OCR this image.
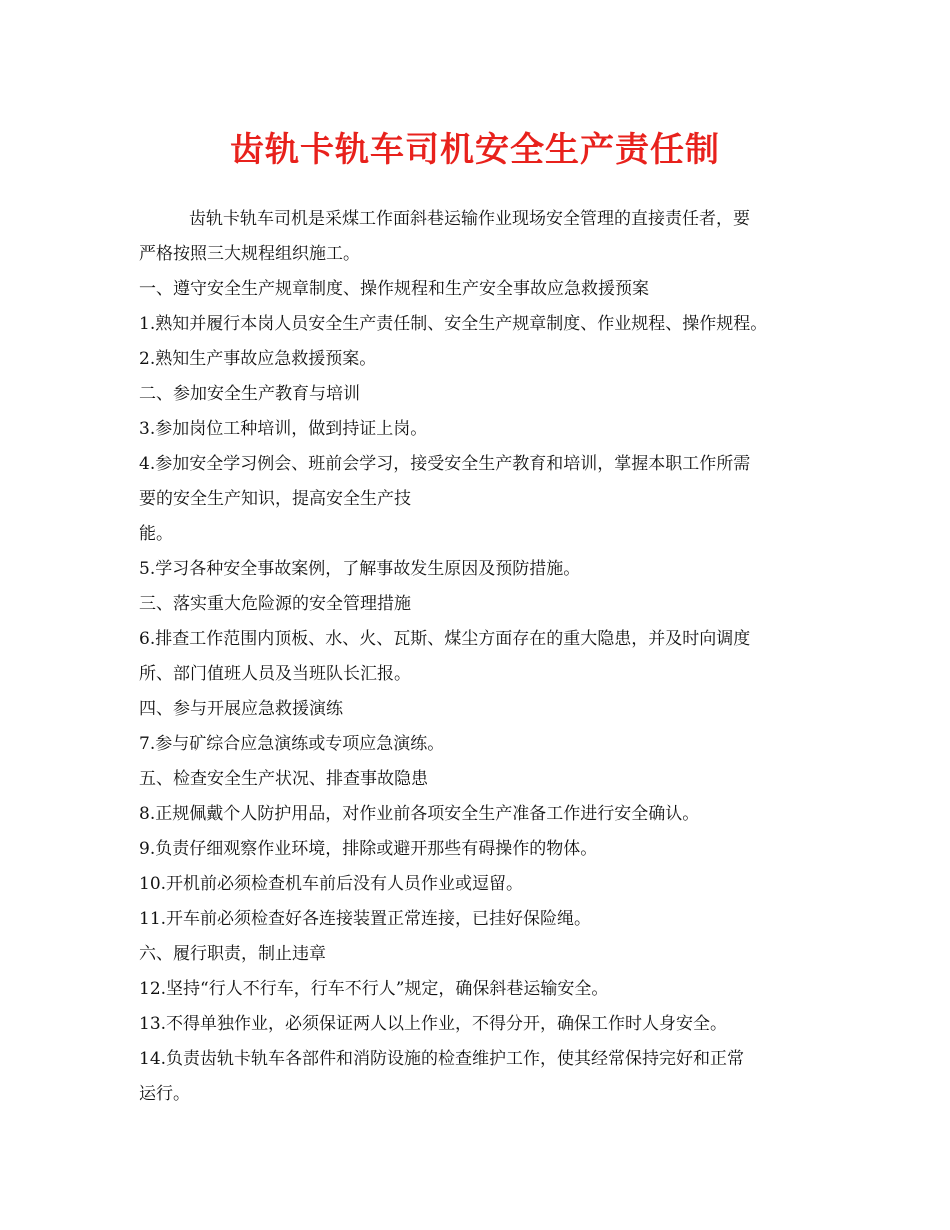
齿轨卡轨车司机安全生产责任制
齿轨卡轨车司机是采煤工作面斜巷运输作业现场安全管理的直接责任者，要
严格按照三大规程组织施工。
一、遵守安全生产规章制度、操作规程和生产安全事故应急救援预案
1.熟知并履行本岗人员安全生产责任制、安全生产规章制度、作业规程、操作规程。
2.熟知生产事故应急救援预案。
二、参加安全生产教育与培训
3.参加岗位工种培训，做到持证上岗。
4.参加安全学习例会、班前会学习，接受安全生产教育和培训，掌握本职工作所需
要的安全生产知识，提高安全生产技
能。
5.学习各种安全事故案例，了解事故发生原因及预防措施。
三、落实重大危险源的安全管理措施
6.排查工作范围内顶板、水、火、瓦斯、煤尘方面存在的重大隐患，并及时向调度
所、部门值班人员及当班队长汇报。
四、参与开展应急救援演练
7.参与矿综合应急演练或专项应急演练。
五、检查安全生产状况、排查事故隐患
8.正规佩戴个人防护用品，对作业前各项安全生产准备工作进行安全确认。
9.负责仔细观察作业环境，排除或避开那些有碍操作的物体。
10.开机前必须检查机车前后没有人员作业或逗留。
11.开车前必须检查好各连接装置正常连接，已挂好保险绳。
六、履行职责，制止违章
12.坚持“行人不行车，行车不行人”规定，确保斜巷运输安全。
13.不得单独作业，必须保证两人以上作业，不得分开，确保工作时人身安全。
14.负责齿轨卡轨车各部件和消防设施的检查维护工作，使其经常保持完好和正常
运行。
